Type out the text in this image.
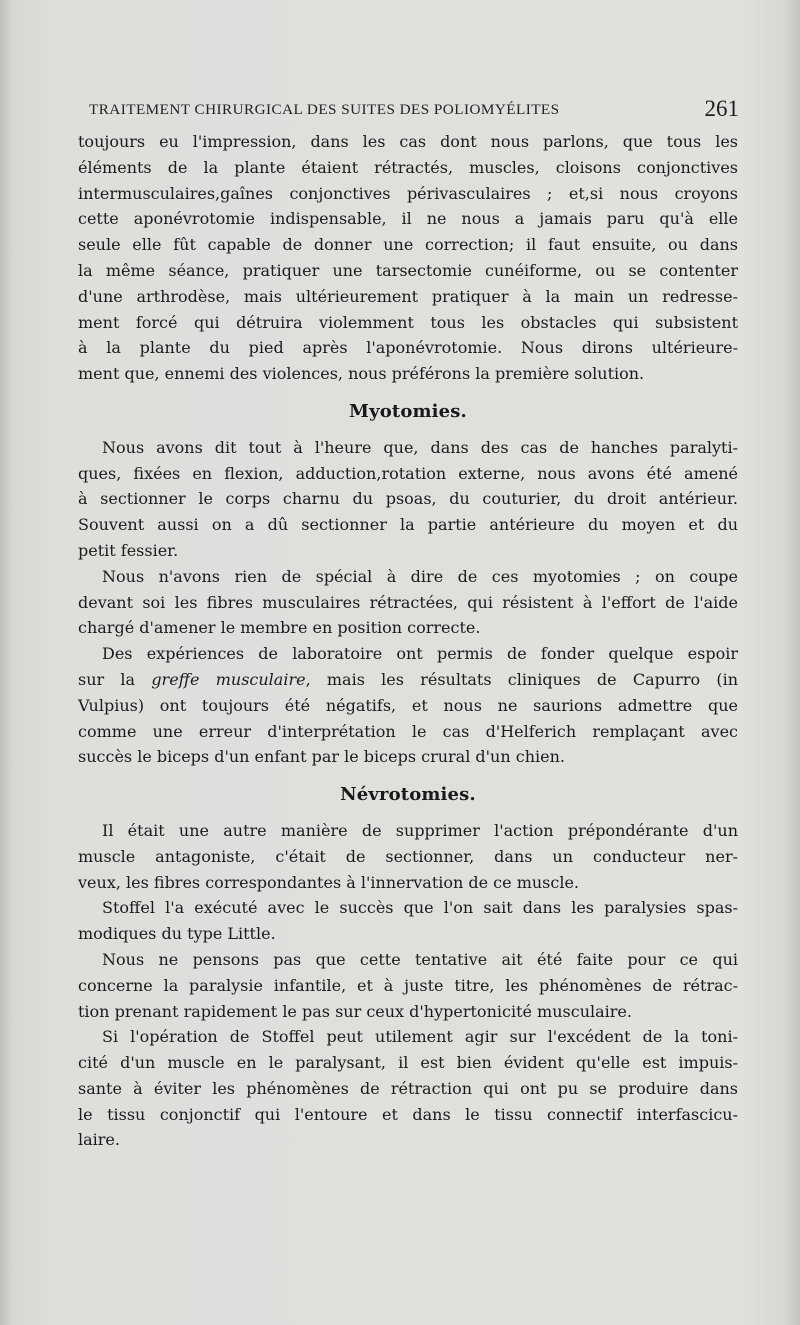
TRAITEMENT CHIRURGICAL DES SUITES DES POLIOMYÉLITES	261

toujours eu l'impression, dans les cas dont nous parlons, que tous les
éléments de la plante étaient rétractés, muscles, cloisons conjonctives
intermusculaires,gaînes conjonctives périvasculaires ; et,si nous croyons
cette aponévrotomie indispensable, il ne nous a jamais paru qu'à elle
seule elle fût capable de donner une correction; il faut ensuite, ou dans
la même séance, pratiquer une tarsectomie cunéiforme, ou se contenter
d'une arthrodèse, mais ultérieurement pratiquer à la main un redresse-
ment forcé qui détruira violemment tous les obstacles qui subsistent
à la plante du pied après l'aponévrotomie. Nous dirons ultérieure-
ment que, ennemi des violences, nous préférons la première solution.

Myotomies.

Nous avons dit tout à l'heure que, dans des cas de hanches paralyti-
ques, fixées en flexion, adduction,rotation externe, nous avons été amené
à sectionner le corps charnu du psoas, du couturier, du droit antérieur.
Souvent aussi on a dû sectionner la partie antérieure du moyen et du
petit fessier.

Nous n'avons rien de spécial à dire de ces myotomies ; on coupe
devant soi les fibres musculaires rétractées, qui résistent à l'effort de l'aide
chargé d'amener le membre en position correcte.

Des expériences de laboratoire ont permis de fonder quelque espoir
sur la greffe musculaire, mais les résultats cliniques de Capurro (in
Vulpius) ont toujours été négatifs, et nous ne saurions admettre que
comme une erreur d'interprétation le cas d'Helferich remplaçant avec
succès le biceps d'un enfant par le biceps crural d'un chien.

Névrotomies.

Il était une autre manière de supprimer l'action prépondérante d'un
muscle antagoniste, c'était de sectionner, dans un conducteur ner-
veux, les fibres correspondantes à l'innervation de ce muscle.

Stoffel l'a exécuté avec le succès que l'on sait dans les paralysies spas-
modiques du type Little.

Nous ne pensons pas que cette tentative ait été faite pour ce qui
concerne la paralysie infantile, et à juste titre, les phénomènes de rétrac-
tion prenant rapidement le pas sur ceux d'hypertonicité musculaire.

Si l'opération de Stoffel peut utilement agir sur l'excédent de la toni-
cité d'un muscle en le paralysant, il est bien évident qu'elle est impuis-
sante à éviter les phénomènes de rétraction qui ont pu se produire dans
le tissu conjonctif qui l'entoure et dans le tissu connectif interfascicu-
laire.
